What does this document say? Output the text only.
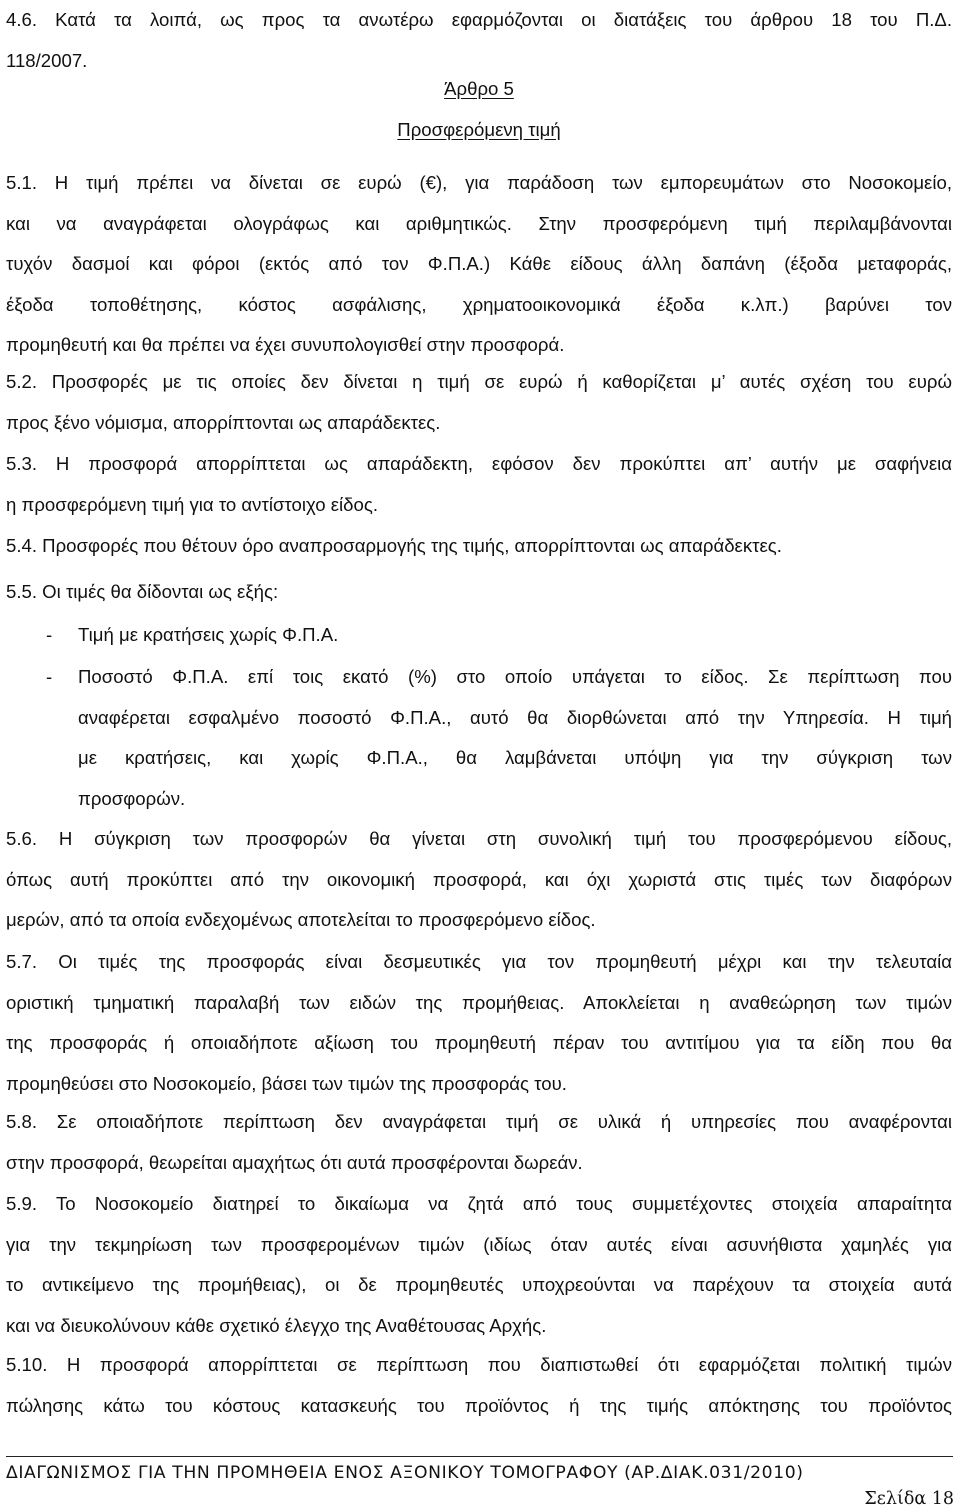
4.6. Κατά τα λοιπά, ως προς τα ανωτέρω εφαρμόζονται οι διατάξεις του άρθρου 18 του Π.Δ.
118/2007.
Άρθρο 5
Προσφερόμενη τιμή
5.1. Η τιμή πρέπει να δίνεται σε ευρώ (€), για παράδοση των εμπορευμάτων στο Νοσοκομείο,
και να αναγράφεται ολογράφως και αριθμητικώς. Στην προσφερόμενη τιμή περιλαμβάνονται
τυχόν δασμοί και φόροι (εκτός από τον Φ.Π.Α.) Κάθε είδους άλλη δαπάνη (έξοδα μεταφοράς,
έξοδα τοποθέτησης, κόστος ασφάλισης, χρηματοοικονομικά έξοδα κ.λπ.) βαρύνει τον
προμηθευτή και θα πρέπει να έχει συνυπολογισθεί στην προσφορά.
5.2. Προσφορές με τις οποίες δεν δίνεται η τιμή σε ευρώ ή καθορίζεται μ’ αυτές σχέση του ευρώ
προς ξένο νόμισμα, απορρίπτονται ως απαράδεκτες.
5.3. Η προσφορά απορρίπτεται ως απαράδεκτη, εφόσον δεν προκύπτει απ’ αυτήν με σαφήνεια
η προσφερόμενη τιμή για το αντίστοιχο είδος.
5.4. Προσφορές που θέτουν όρο αναπροσαρμογής της τιμής, απορρίπτονται ως απαράδεκτες.
5.5. Οι τιμές θα δίδονται ως εξής:
- Τιμή με κρατήσεις χωρίς Φ.Π.Α.
- Ποσοστό Φ.Π.Α. επί τοις εκατό (%) στο οποίο υπάγεται το είδος. Σε περίπτωση που
αναφέρεται εσφαλμένο ποσοστό Φ.Π.Α., αυτό θα διορθώνεται από την Υπηρεσία. Η τιμή
με κρατήσεις, και χωρίς Φ.Π.Α., θα λαμβάνεται υπόψη για την σύγκριση των
προσφορών.
5.6. Η σύγκριση των προσφορών θα γίνεται στη συνολική τιμή του προσφερόμενου είδους,
όπως αυτή προκύπτει από την οικονομική προσφορά, και όχι χωριστά στις τιμές των διαφόρων
μερών, από τα οποία ενδεχομένως αποτελείται το προσφερόμενο είδος.
5.7. Οι τιμές της προσφοράς είναι δεσμευτικές για τον προμηθευτή μέχρι και την τελευταία
οριστική τμηματική παραλαβή των ειδών της προμήθειας. Αποκλείεται η αναθεώρηση των τιμών
της προσφοράς ή οποιαδήποτε αξίωση του προμηθευτή πέραν του αντιτίμου για τα είδη που θα
προμηθεύσει στο Νοσοκομείο, βάσει των τιμών της προσφοράς του.
5.8. Σε οποιαδήποτε περίπτωση δεν αναγράφεται τιμή σε υλικά ή υπηρεσίες που αναφέρονται
στην προσφορά, θεωρείται αμαχήτως ότι αυτά προσφέρονται δωρεάν.
5.9. Το Νοσοκομείο διατηρεί το δικαίωμα να ζητά από τους συμμετέχοντες στοιχεία απαραίτητα
για την τεκμηρίωση των προσφερομένων τιμών (ιδίως όταν αυτές είναι ασυνήθιστα χαμηλές για
το αντικείμενο της προμήθειας), οι δε προμηθευτές υποχρεούνται να παρέχουν τα στοιχεία αυτά
και να διευκολύνουν κάθε σχετικό έλεγχο της Αναθέτουσας Αρχής.
5.10. Η προσφορά απορρίπτεται σε περίπτωση που διαπιστωθεί ότι εφαρμόζεται πολιτική τιμών
πώλησης κάτω του κόστους κατασκευής του προϊόντος ή της τιμής απόκτησης του προϊόντος
ΔΙΑΓΩΝΙΣΜΟΣ ΓΙΑ ΤΗΝ ΠΡΟΜΗΘΕΙΑ ΕΝΟΣ ΑΞΟΝΙΚΟΥ ΤΟΜΟΓΡΑΦΟΥ (ΑΡ.ΔΙΑΚ.031/2010)
Σελίδα 18
